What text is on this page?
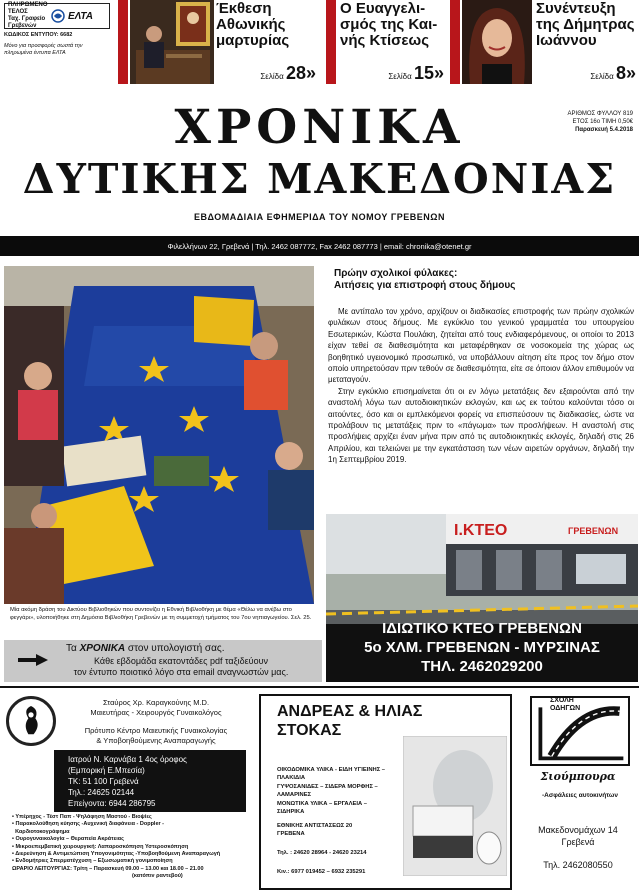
ΠΛΗΡΩΜΕΝΟ
ΤΕΛΟΣ
Ταχ. Γραφείο
Γρεβενών
ΕΛΤΑ
ΚΩΔΙΚΟΣ ΕΝΤΥΠΟΥ: 6682
Μόνο για προσφορές σωστά την πληρωμένα έντυπα ΕΛΤΑ
Έκθεση Αθωνικής μαρτυρίας
Σελίδα 28»
Ο Ευαγγελι-σμός της Και-νής Κτίσεως
Σελίδα 15»
Συνέντευξη της Δήμητρας Ιωάννου
Σελίδα 8»
ΧΡΟΝΙΚΑ
ΔΥΤΙΚΗΣ ΜΑΚΕΔΟΝΙΑΣ
ΑΡΙΘΜΟΣ ΦΥΛΛΟΥ 819
ΕΤΟΣ 16ο ΤΙΜΗ 0,50€
Παρασκευή 5.4.2018
ΕΒΔΟΜΑΔΙΑΙΑ ΕΦΗΜΕΡΙΔΑ ΤΟΥ ΝΟΜΟΥ ΓΡΕΒΕΝΩΝ
Φιλελλήνων 22, Γρεβενά | Τηλ. 2462 087772, Fax 2462 087773 | email: chronika@otenet.gr
Μία ακόμη δράση του Δικτύου Βιβλιοθηκών που συντονίζει η Εθνική Βιβλιοθήκη με θέμα «Θέλω να ανέβω στο φεγγάρι», υλοποιήθηκε στη Δημόσια Βιβλιοθήκη Γρεβενών με τη συμμετοχή τμήματος του 7ου νηπιαγωγείου. Σελ. 25.
Πρώην σχολικοί φύλακες:
Αιτήσεις για επιστροφή στους δήμους

Με αντίπαλο τον χρόνο, αρχίζουν οι διαδικασίες επιστροφής των πρώην σχολικών φυλάκων στους δήμους. Με εγκύκλιο του γενικού γραμματέα του υπουργείου Εσωτερικών, Κώστα Πουλάκη, ζητείται από τους ενδιαφερόμενους, οι οποίοι το 2013 είχαν τεθεί σε διαθεσιμότητα και μεταφέρθηκαν σε νοσοκομεία της χώρας ως βοηθητικό υγειονομικό προσωπικό, να υποβάλλουν αίτηση είτε προς τον δήμο στον οποίο υπηρετούσαν πριν τεθούν σε διαθεσιμότητα, είτε σε όποιον άλλον επιθυμούν να μεταταγούν.

Στην εγκύκλιο επισημαίνεται ότι οι εν λόγω μετατάξεις δεν εξαιρούνται από την αναστολή λόγω των αυτοδιοικητικών εκλογών, και ως εκ τούτου καλούνται τόσο οι αιτούντες, όσο και οι εμπλεκόμενοι φορείς να επισπεύσουν τις διαδικασίες, ώστε να προλάβουν τις μετατάξεις πριν το «πάγωμα» των προσλήψεων. Η αναστολή στις προσλήψεις αρχίζει έναν μήνα πριν από τις αυτοδιοικητικές εκλογές, δηλαδή στις 26 Απριλίου, και τελειώνει με την εγκατάσταση των νέων αιρετών οργάνων, δηλαδή την 1η Σεπτεμβρίου 2019.

Ι.ΚΤΕΟ	ΓΡΕΒΕΝΩΝ
ΙΔΙΩΤΙΚΟ ΚΤΕΟ ΓΡΕΒΕΝΩΝ
5ο ΧΛΜ. ΓΡΕΒΕΝΩΝ - ΜΥΡΣΙΝΑΣ
ΤΗΛ. 2462029200
Τα ΧΡΟΝΙΚΑ στον υπολογιστή σας.
Κάθε εβδομάδα εκατοντάδες pdf ταξιδεύουν
τον έντυπο ποιοτικό λόγο στα email αναγνωστών μας.
Σταύρος Χρ. Καραγκούνης M.D.
Μαιευτήρας - Χειρουργός Γυναικολόγος
Πρότυπο Κέντρο Μαιευτικής Γυναικολογίας
& Υποβοηθούμενης Αναπαραγωγής
Ιατρού Ν. Καρνάβα 1 4ος όροφος
(Εμπορική Ε.Μπεσία)
ΤΚ: 51 100 Γρεβενά
Τηλ.: 24625 02144
Επείγοντα: 6944 286795
• Υπέρηχος - Τέστ Παπ - Ψηλάφηση Μαστού - Βιοψίες
• Παρακολούθηση κύησης -Αυχενική διαφάνεια - Doppler -
Καρδιοτοκογράφημα
• Ουρογυναικολογία – Θεραπεία Ακράτειας
• Μικροεπεμβατική χειρουργική: Λαπαροσκόπηση Υστεροσκόπηση
• Διερεύνηση & Αντιμετώπιση Υπογονιμότητας -Υποβοηθούμενη Αναπαραγωγή
• Ενδομήτριες Σπερματέγχυση – Εξωσωματική γονιμοποίηση
ΩΡΑΡΙΟ ΛΕΙΤΟΥΡΓΙΑΣ: Τρίτη – Παρασκευή 09.00 – 13.00 και 18.00 – 21.00
(κατόπιν ραντεβού)
ΑΝΔΡΕΑΣ & ΗΛΙΑΣ
ΣΤΟΚΑΣ
ΟΙΚΟΔΟΜΙΚΑ ΥΛΙΚΑ - ΕΙΔΗ ΥΓΙΕΙΝΗΣ –
ΠΛΑΚΙΔΙΑ
ΓΥΨΟΣΑΝΙΔΕΣ – ΣΙΔΕΡΑ ΜΟΡΦΗΣ –
ΛΑΜΑΡΙΝΕΣ
ΜΟΝΩΤΙΚΑ ΥΛΙΚΑ – ΕΡΓΑΛΕΙΑ –
ΣΙΔΗΡΙΚΑ
ΕΘΝΙΚΗΣ ΑΝΤΙΣΤΑΣΕΩΣ 20
ΓΡΕΒΕΝΑ
Τηλ. : 24620 28964 - 24620 23214
Κιν.: 6977 019452 – 6932 235291
ΣΧΟΛΗ
ΟΔΗΓΩΝ
Σιούμπουρα
-Ασφάλειες αυτοκινήτων
Μακεδονομάχων 14
Γρεβενά
Τηλ. 2462080550
